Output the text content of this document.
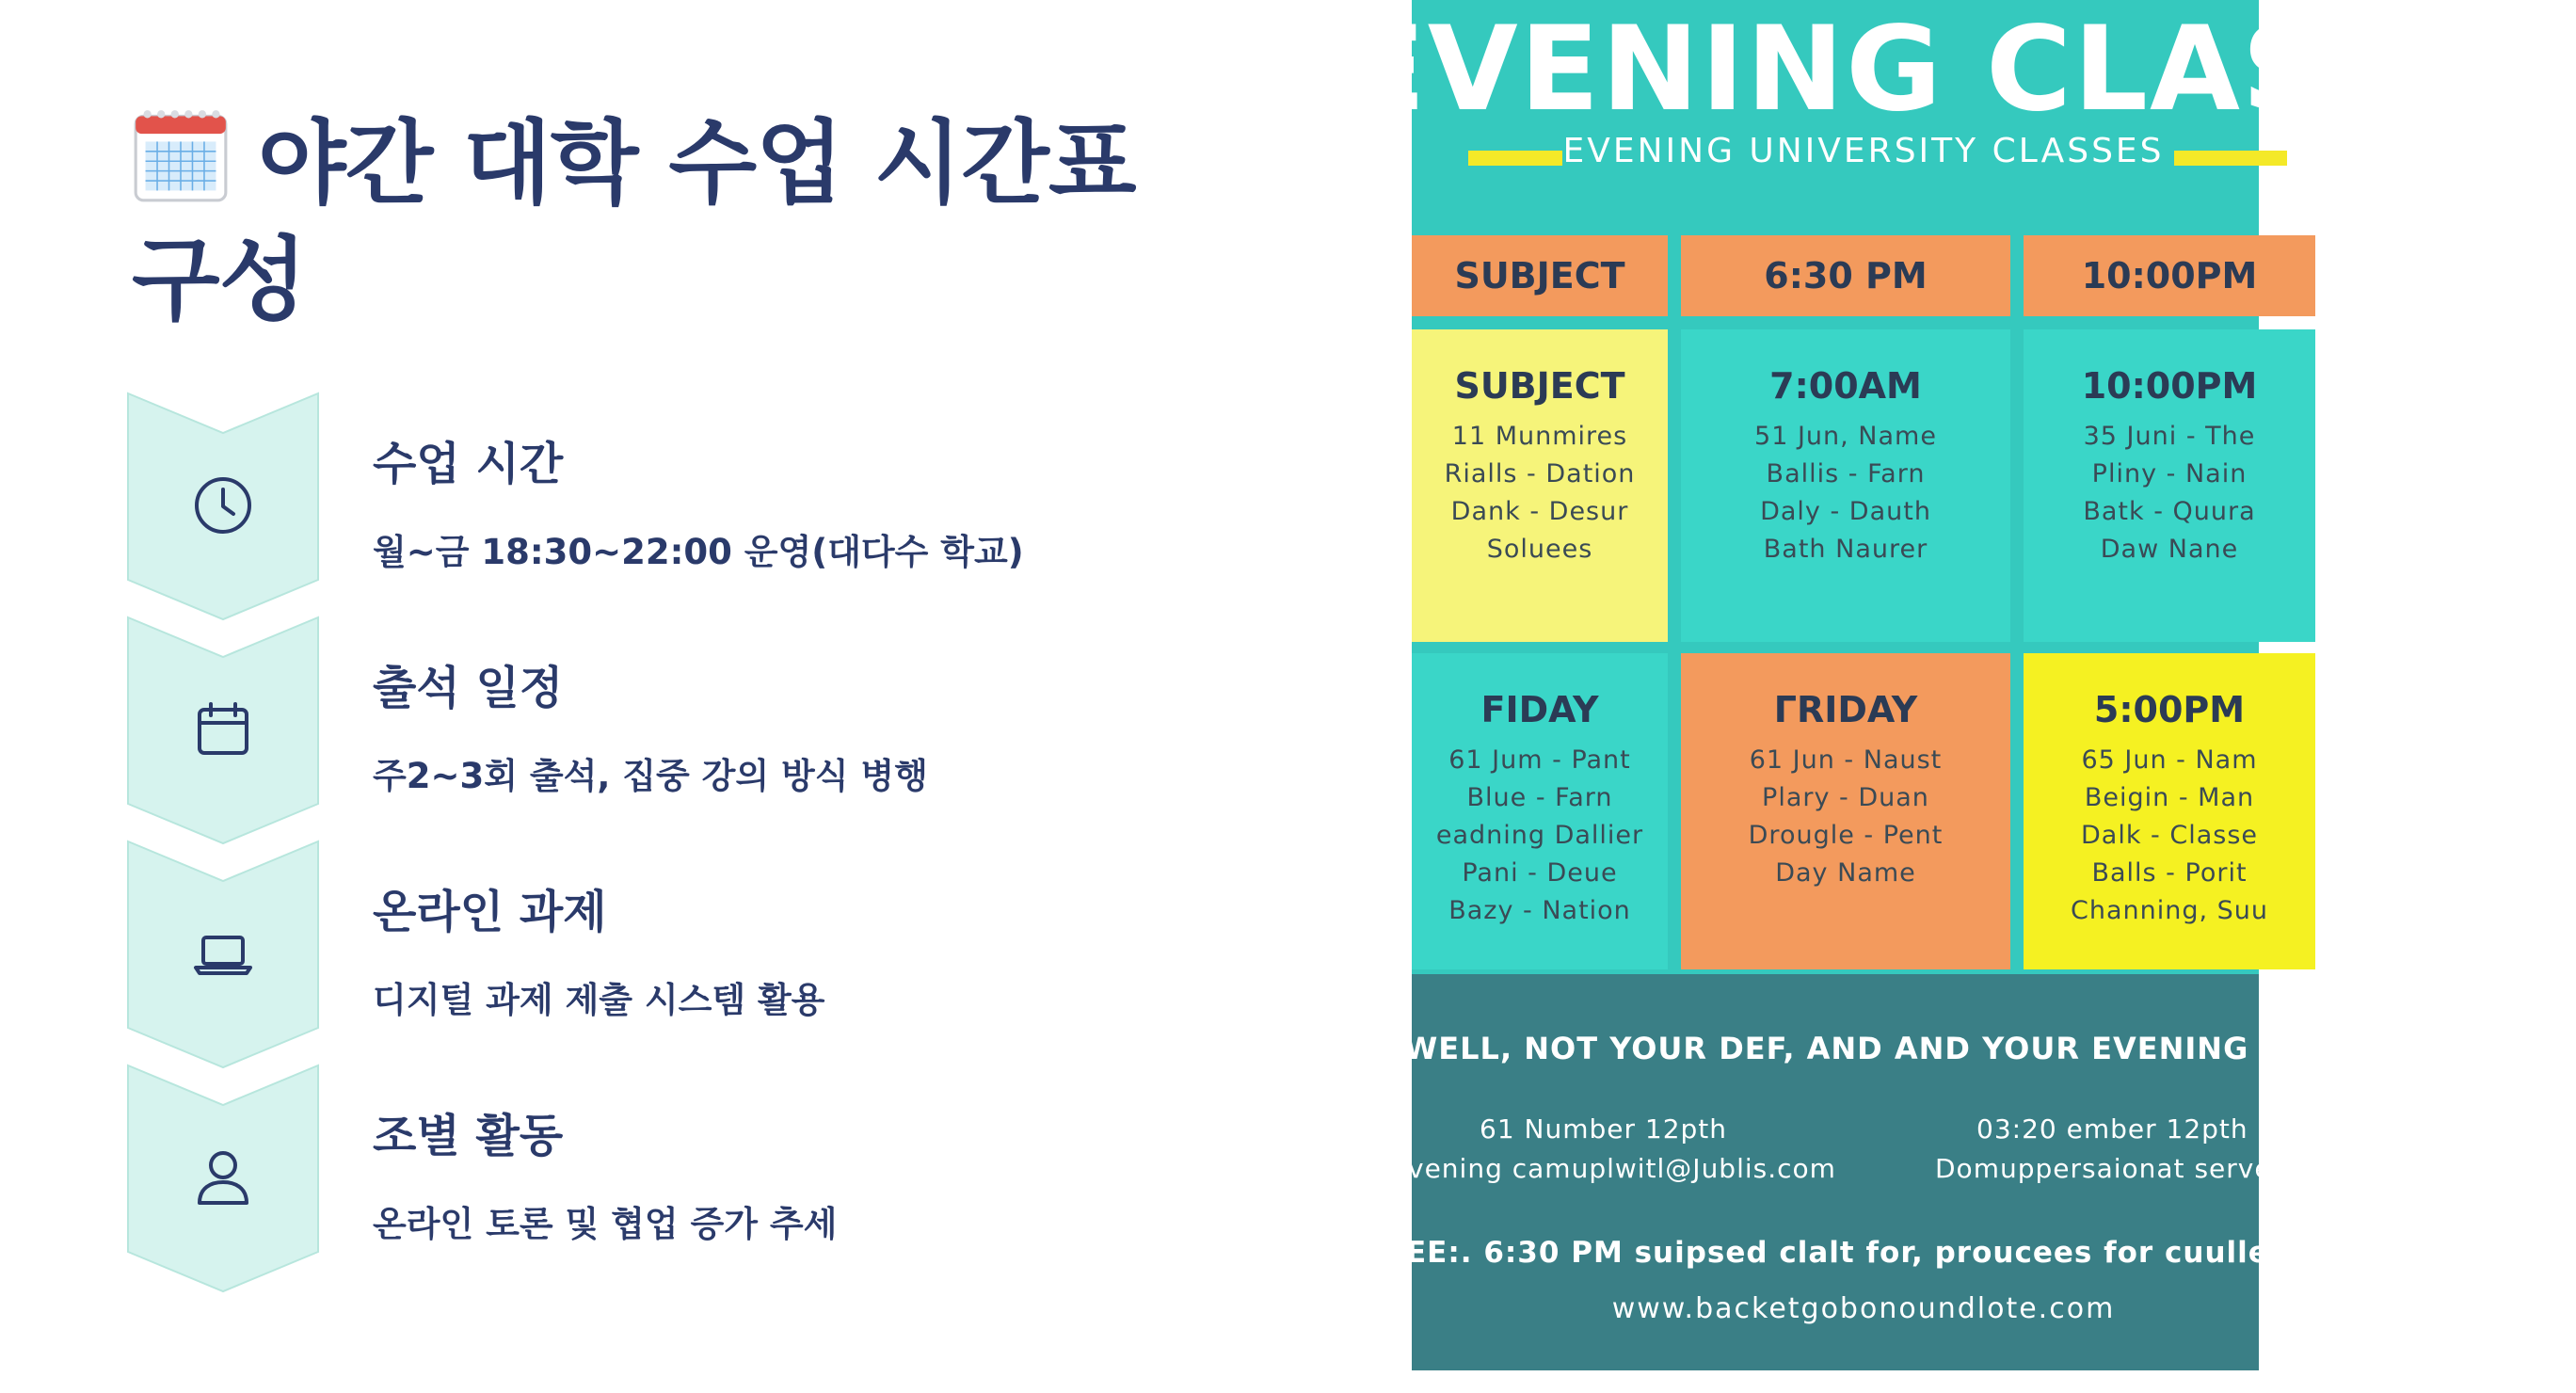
야간 대학 수업 시간표 구성
수업 시간
월~금 18:30~22:00 운영(대다수 학교)
출석 일정
주2~3회 출석, 집중 강의 방식 병행
온라인 과제
디지털 과제 제출 시스템 활용
조별 활동
온라인 토론 및 협업 증가 추세
EVENING CLASSES
EVENING UNIVERSITY CLASSES
SUBJECT	6:30 PM	10:00PM
SUBJECT
11 Munmires
Rialls - Dation
Dank - Desur
Soluees
7:00AM
51 Jun, Name
Ballis - Farn
Daly - Dauth
Bath Naurer
10:00PM
35 Juni - The
Pliny - Nain
Batk - Quura
Daw Nane
FIDAY
61 Jum - Pant
Blue - Farn
eadning Dallier
Pani - Deue
Bazy - Nation
ΓRIDAY
61 Jun - Naust
Plary - Duan
Drougle - Pent
Day Name
5:00PM
65 Jun - Nam
Beigin - Man
Dalk - Classe
Balls - Porit
Channing, Suu
WELL, NOT YOUR DEF, AND AND YOUR EVENING SUDJENTS
61 Number 12pth
vening camuplwitl@Jublis.com
03:20 ember 12pth
Domuppersaionat serve
EE:. 6:30 PM suipsed clalt for, proucees for cuulle custer
www.backetgobonoundlote.com
